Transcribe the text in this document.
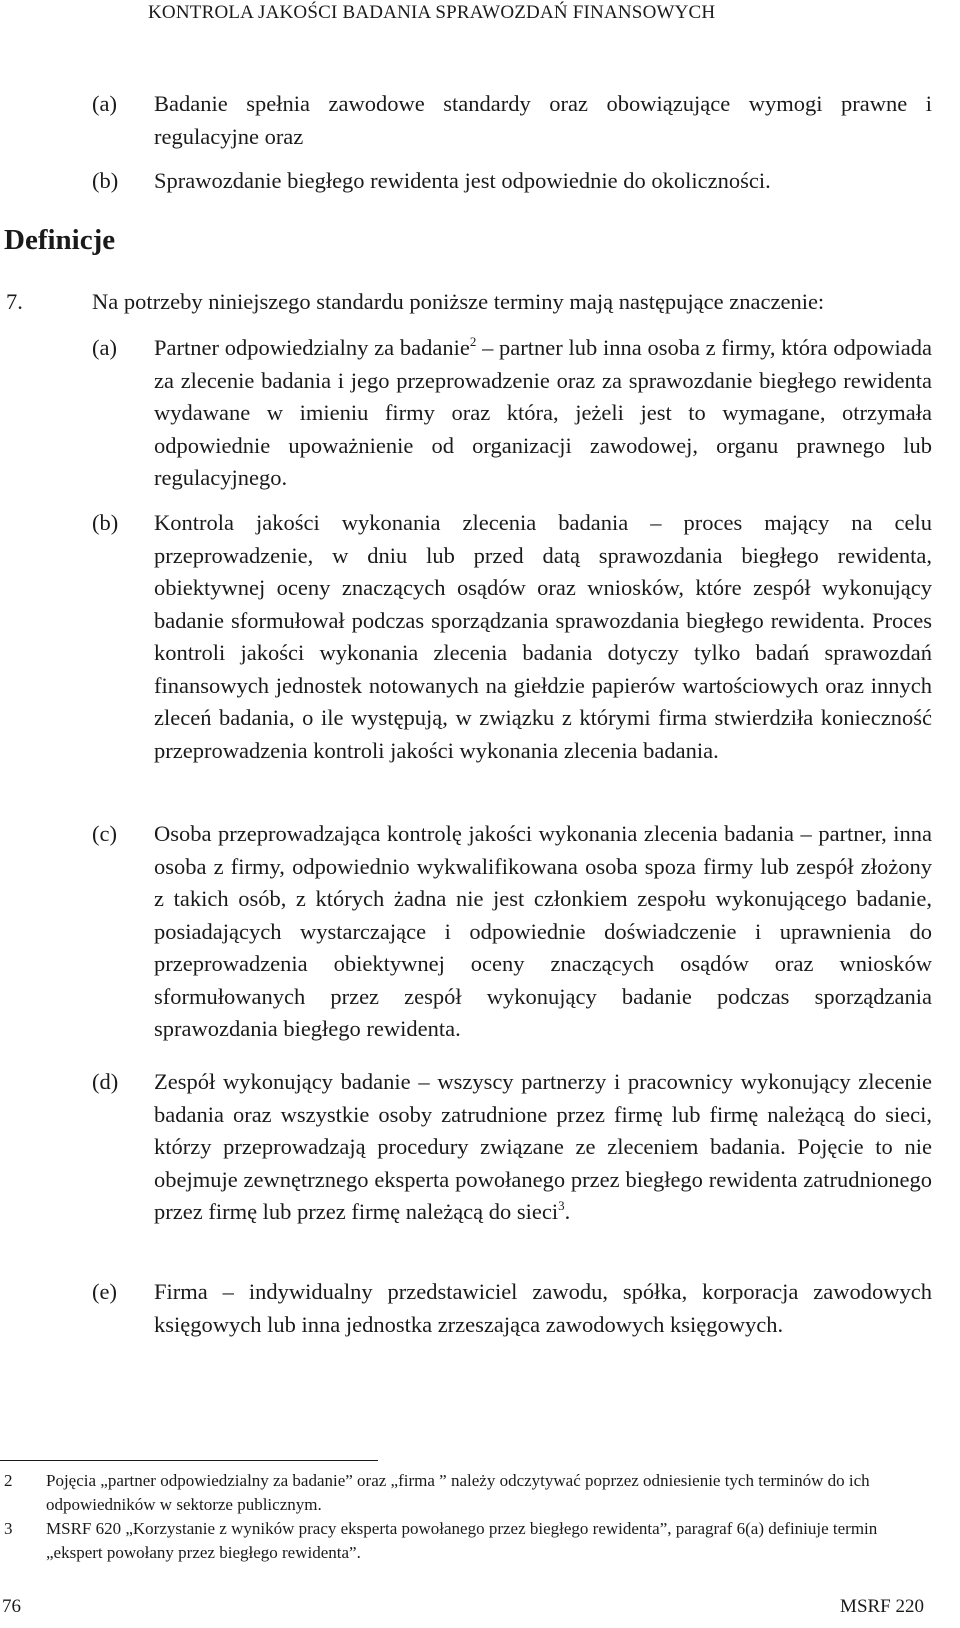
KONTROLA JAKOŚCI BADANIA SPRAWOZDAŃ FINANSOWYCH
(a) Badanie spełnia zawodowe standardy oraz obowiązujące wymogi prawne i regulacyjne oraz
(b) Sprawozdanie biegłego rewidenta jest odpowiednie do okoliczności.
Definicje
7.	Na potrzeby niniejszego standardu poniższe terminy mają następujące znaczenie:
(a) Partner odpowiedzialny za badanie$^2$ – partner lub inna osoba z firmy, która odpowiada za zlecenie badania i jego przeprowadzenie oraz za sprawozdanie biegłego rewidenta wydawane w imieniu firmy oraz która, jeżeli jest to wymagane, otrzymała odpowiednie upoważnienie od organizacji zawodowej, organu prawnego lub regulacyjnego.
(b) Kontrola jakości wykonania zlecenia badania – proces mający na celu przeprowadzenie, w dniu lub przed datą sprawozdania biegłego rewidenta, obiektywnej oceny znaczących osądów oraz wniosków, które zespół wykonujący badanie sformułował podczas sporządzania sprawozdania biegłego rewidenta. Proces kontroli jakości wykonania zlecenia badania dotyczy tylko badań sprawozdań finansowych jednostek notowanych na giełdzie papierów wartościowych oraz innych zleceń badania, o ile występują, w związku z którymi firma stwierdziła konieczność przeprowadzenia kontroli jakości wykonania zlecenia badania.
(c) Osoba przeprowadzająca kontrolę jakości wykonania zlecenia badania – partner, inna osoba z firmy, odpowiednio wykwalifikowana osoba spoza firmy lub zespół złożony z takich osób, z których żadna nie jest członkiem zespołu wykonującego badanie, posiadających wystarczające i odpowiednie doświadczenie i uprawnienia do przeprowadzenia obiektywnej oceny znaczących osądów oraz wniosków sformułowanych przez zespół wykonujący badanie podczas sporządzania sprawozdania biegłego rewidenta.
(d) Zespół wykonujący badanie – wszyscy partnerzy i pracownicy wykonujący zlecenie badania oraz wszystkie osoby zatrudnione przez firmę lub firmę należącą do sieci, którzy przeprowadzają procedury związane ze zleceniem badania. Pojęcie to nie obejmuje zewnętrznego eksperta powołanego przez biegłego rewidenta zatrudnionego przez firmę lub przez firmę należącą do sieci$^3$.
(e) Firma – indywidualny przedstawiciel zawodu, spółka, korporacja zawodowych księgowych lub inna jednostka zrzeszająca zawodowych księgowych.
2 Pojęcia „partner odpowiedzialny za badanie” oraz „firma ” należy odczytywać poprzez odniesienie tych terminów do ich odpowiedników w sektorze publicznym.
3 MSRF 620 „Korzystanie z wyników pracy eksperta powołanego przez biegłego rewidenta”, paragraf 6(a) definiuje termin „ekspert powołany przez biegłego rewidenta”.
76	MSRF 220
